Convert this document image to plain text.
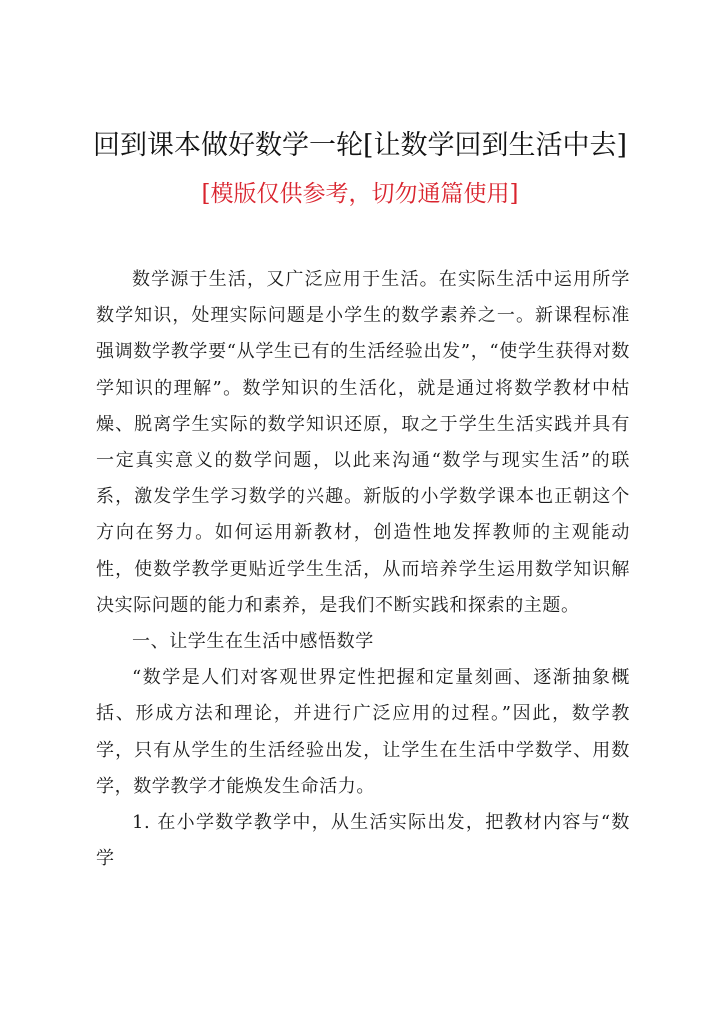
回到课本做好数学一轮[让数学回到生活中去]
[模版仅供参考，切勿通篇使用]

数学源于生活，又广泛应用于生活。在实际生活中运用所学数学知识，处理实际问题是小学生的数学素养之一。新课程标准强调数学教学要“从学生已有的生活经验出发”，“使学生获得对数学知识的理解”。数学知识的生活化，就是通过将数学教材中枯燥、脱离学生实际的数学知识还原，取之于学生生活实践并具有一定真实意义的数学问题，以此来沟通“数学与现实生活”的联系，激发学生学习数学的兴趣。新版的小学数学课本也正朝这个方向在努力。如何运用新教材，创造性地发挥教师的主观能动性，使数学教学更贴近学生生活，从而培养学生运用数学知识解决实际问题的能力和素养，是我们不断实践和探索的主题。

一、让学生在生活中感悟数学

“数学是人们对客观世界定性把握和定量刻画、逐渐抽象概括、形成方法和理论，并进行广泛应用的过程。”因此，数学教学，只有从学生的生活经验出发，让学生在生活中学数学、用数学，数学教学才能焕发生命活力。

1. 在小学数学教学中，从生活实际出发，把教材内容与“数学
